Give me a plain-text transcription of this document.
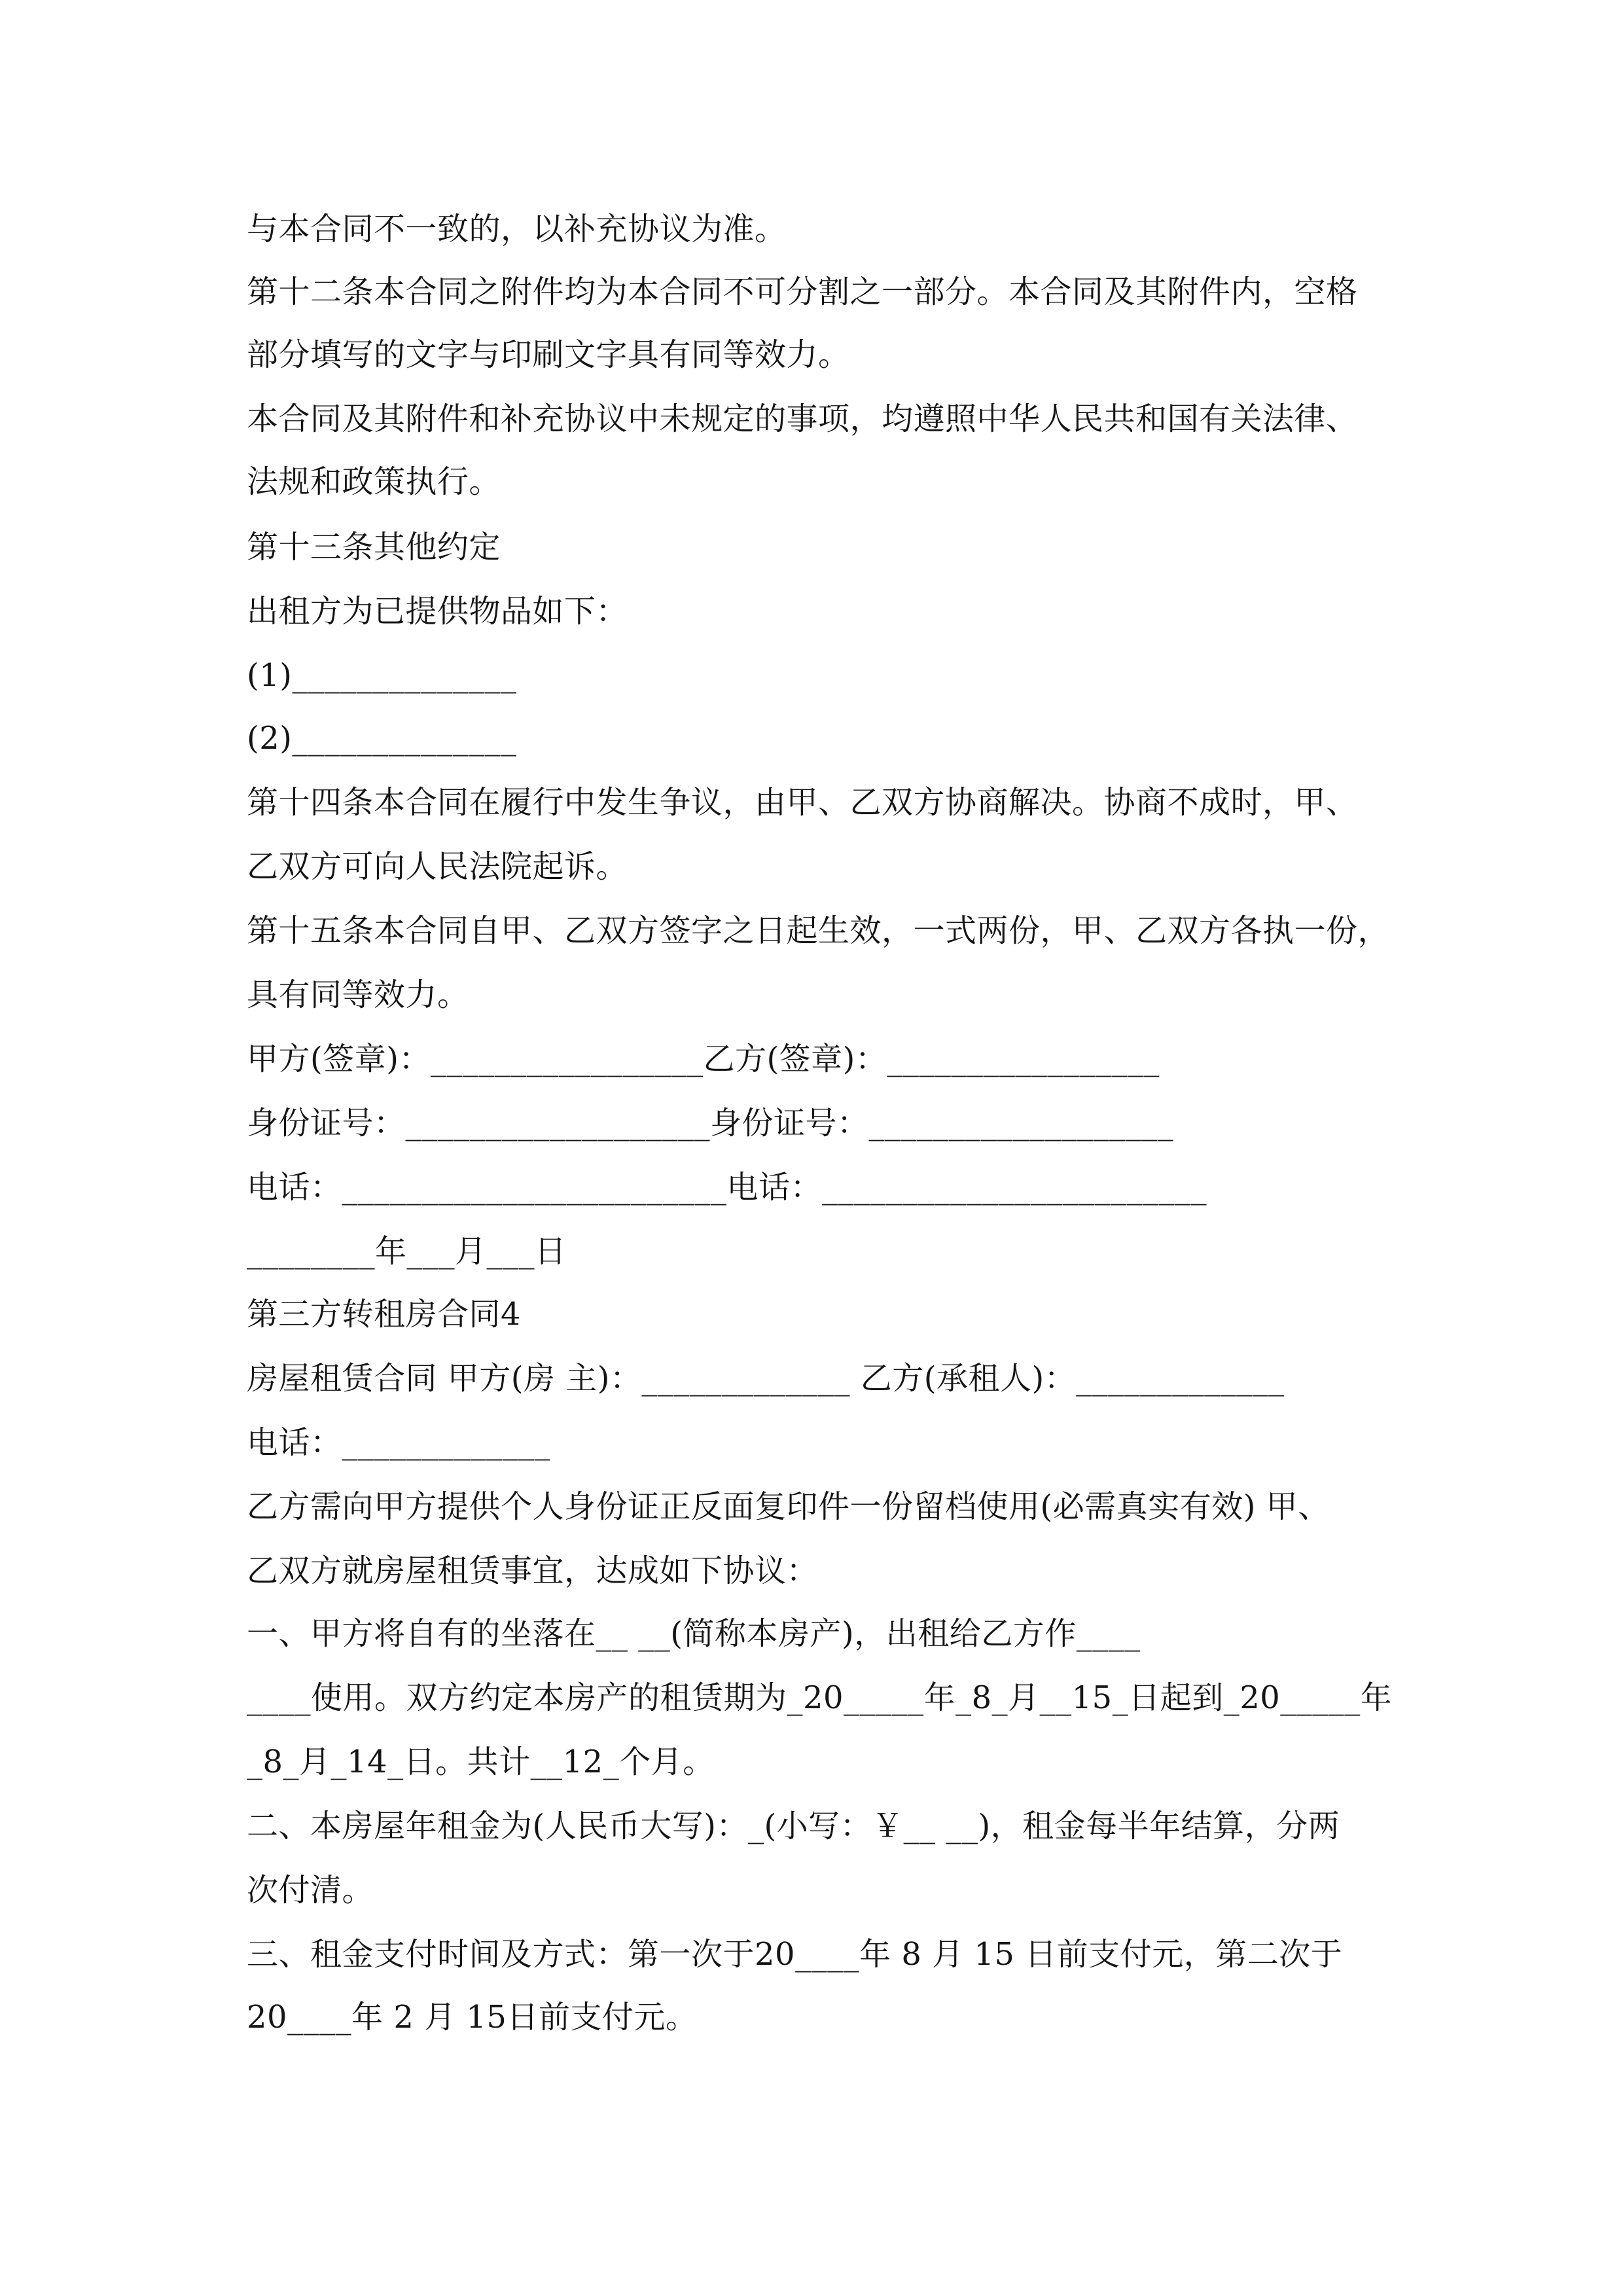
与本合同不一致的，以补充协议为准。
第十二条本合同之附件均为本合同不可分割之一部分。本合同及其附件内，空格
部分填写的文字与印刷文字具有同等效力。
本合同及其附件和补充协议中未规定的事项，均遵照中华人民共和国有关法律、
法规和政策执行。
第十三条其他约定
出租方为已提供物品如下：
(1)______________
(2)______________
第十四条本合同在履行中发生争议，由甲、乙双方协商解决。协商不成时，甲、
乙双方可向人民法院起诉。
第十五条本合同自甲、乙双方签字之日起生效，一式两份，甲、乙双方各执一份，
具有同等效力。
甲方(签章)：_________________乙方(签章)：_________________
身份证号：___________________身份证号：___________________
电话：________________________电话：________________________
________年___月___日
第三方转租房合同4
房屋租赁合同 甲方(房 主)：_____________ 乙方(承租人)：_____________
电话：_____________
乙方需向甲方提供个人身份证正反面复印件一份留档使用(必需真实有效) 甲、
乙双方就房屋租赁事宜，达成如下协议：
一、甲方将自有的坐落在__ __(简称本房产)，出租给乙方作____
____使用。双方约定本房产的租赁期为_20_____年_8_月__15_日起到_20_____年
_8_月_14_日。共计__12_个月。
二、本房屋年租金为(人民币大写)：_(小写：￥__ __)，租金每半年结算，分两
次付清。
三、租金支付时间及方式：第一次于20____年 8 月 15 日前支付元，第二次于
20____年 2 月 15日前支付元。
